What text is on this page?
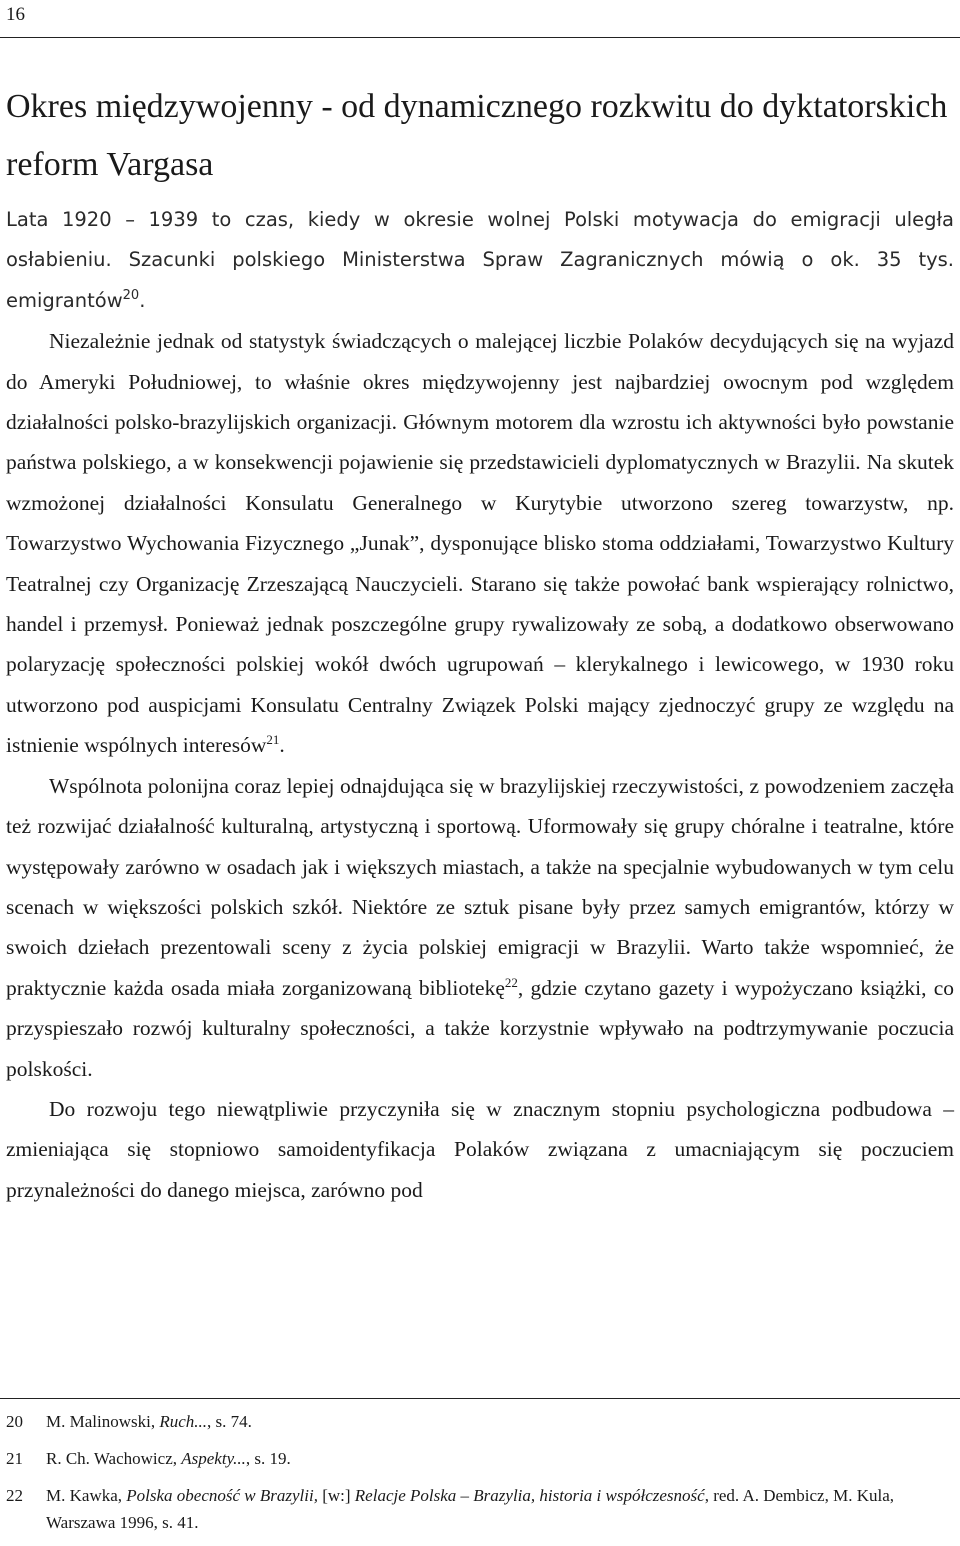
16
Okres międzywojenny - od dynamicznego rozkwitu do dyktatorskich reform Vargasa

Lata 1920 – 1939 to czas, kiedy w okresie wolnej Polski motywacja do emigracji uległa osłabieniu. Szacunki polskiego Ministerstwa Spraw Zagranicznych mówią o ok. 35 tys. emigrantów$^{20}$.

Niezależnie jednak od statystyk świadczących o malejącej liczbie Polaków decydujących się na wyjazd do Ameryki Południowej, to właśnie okres międzywojenny jest najbardziej owocnym pod względem działalności polsko-brazylijskich organizacji. Głównym motorem dla wzrostu ich aktywności było powstanie państwa polskiego, a w konsekwencji pojawienie się przedstawicieli dyplomatycznych w Brazylii. Na skutek wzmożonej działalności Konsulatu Generalnego w Kurytybie utworzono szereg towarzystw, np. Towarzystwo Wychowania Fizycznego „Junak”, dysponujące blisko stoma oddziałami, Towarzystwo Kultury Teatralnej czy Organizację Zrzeszającą Nauczycieli. Starano się także powołać bank wspierający rolnictwo, handel i przemysł. Ponieważ jednak poszczególne grupy rywalizowały ze sobą, a dodatkowo obserwowano polaryzację społeczności polskiej wokół dwóch ugrupowań – klerykalnego i lewicowego, w 1930 roku utworzono pod auspicjami Konsulatu Centralny Związek Polski mający zjednoczyć grupy ze względu na istnienie wspólnych interesów$^{21}$.

Wspólnota polonijna coraz lepiej odnajdująca się w brazylijskiej rzeczywistości, z powodzeniem zaczęła też rozwijać działalność kulturalną, artystyczną i sportową. Uformowały się grupy chóralne i teatralne, które występowały zarówno w osadach jak i większych miastach, a także na specjalnie wybudowanych w tym celu scenach w większości polskich szkół. Niektóre ze sztuk pisane były przez samych emigrantów, którzy w swoich dziełach prezentowali sceny z życia polskiej emigracji w Brazylii. Warto także wspomnieć, że praktycznie każda osada miała zorganizowaną bibliotekę$^{22}$, gdzie czytano gazety i wypożyczano książki, co przyspieszało rozwój kulturalny społeczności, a także korzystnie wpływało na podtrzymywanie poczucia polskości.

Do rozwoju tego niewątpliwie przyczyniła się w znacznym stopniu psychologiczna podbudowa – zmieniająca się stopniowo samoidentyfikacja Polaków związana z umacniającym się poczuciem przynależności do danego miejsca, zarówno pod

20	M. Malinowski, Ruch..., s. 74.
21	R. Ch. Wachowicz, Aspekty..., s. 19.
22	M. Kawka, Polska obecność w Brazylii, [w:] Relacje Polska – Brazylia, historia i współczesność, red. A. Dembicz, M. Kula, Warszawa 1996, s. 41.
